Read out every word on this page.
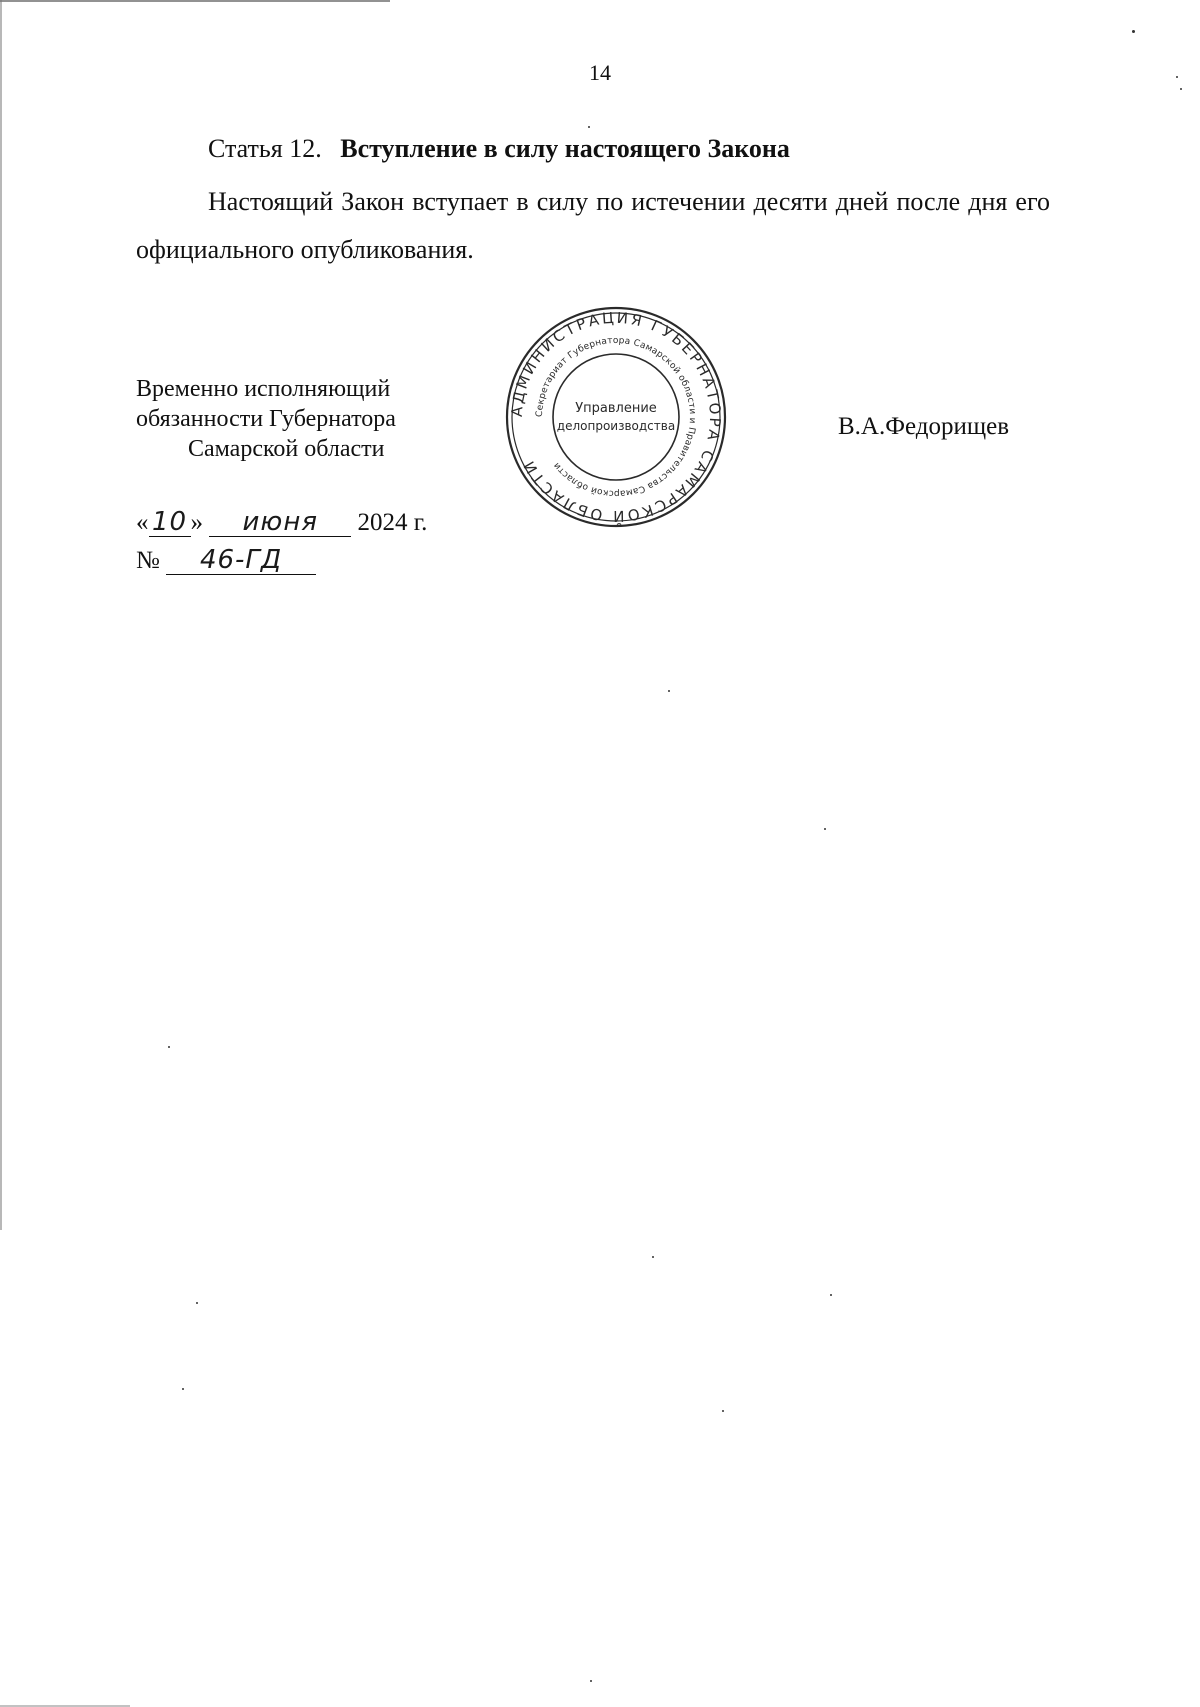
14
Статья 12. Вступление в силу настоящего Закона

Настоящий Закон вступает в силу по истечении десяти дней после дня его официального опубликования.

Временно исполняющий
обязанности Губернатора
Самарской области
АДМИНИСТРАЦИЯ ГУБЕРНАТОРА САМАРСКОЙ ОБЛАСТИ
Секретариат Губернатора Самарской области и Правительства Самарской области
Управление
делопроизводства	В.А.Федорищев
« 10 » июня 2024 г.
№ 46-ГД
